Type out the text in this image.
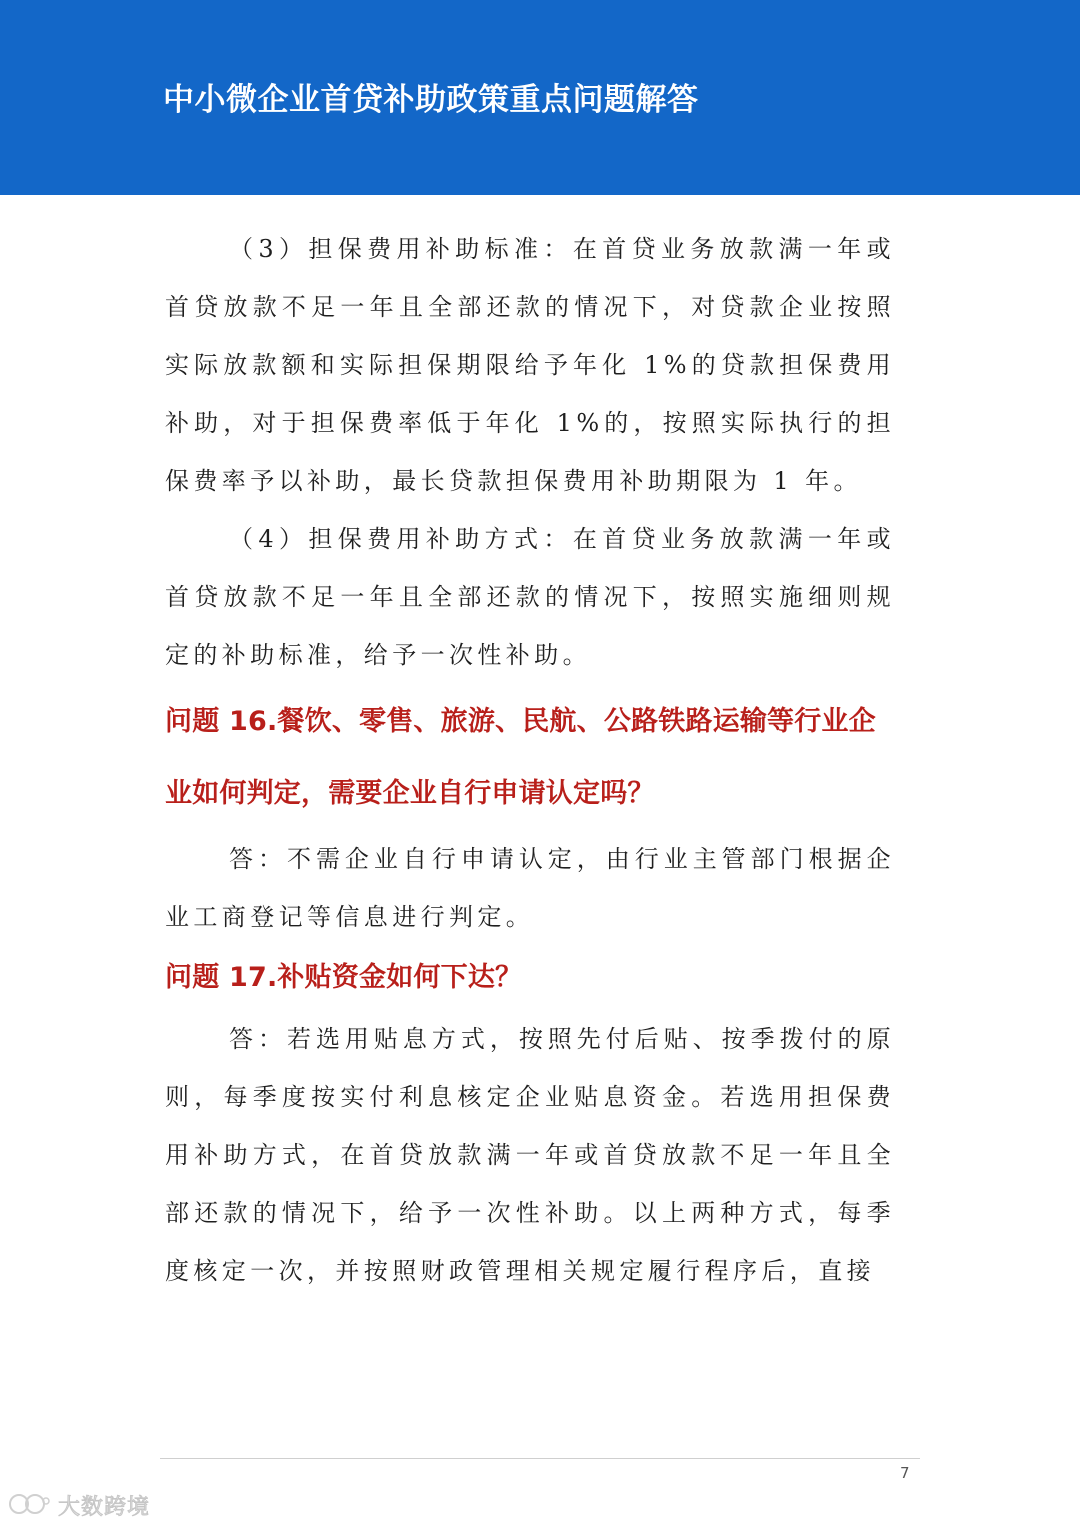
中小微企业首贷补助政策重点问题解答

（3）担保费用补助标准：在首贷业务放款满一年或首贷放款不足一年且全部还款的情况下，对贷款企业按照实际放款额和实际担保期限给予年化 1%的贷款担保费用补助，对于担保费率低于年化 1%的，按照实际执行的担保费率予以补助，最长贷款担保费用补助期限为 1 年。

（4）担保费用补助方式：在首贷业务放款满一年或首贷放款不足一年且全部还款的情况下，按照实施细则规定的补助标准，给予一次性补助。

问题 16.餐饮、零售、旅游、民航、公路铁路运输等行业企业如何判定，需要企业自行申请认定吗？

答：不需企业自行申请认定，由行业主管部门根据企业工商登记等信息进行判定。

问题 17.补贴资金如何下达？

答：若选用贴息方式，按照先付后贴、按季拨付的原则，每季度按实付利息核定企业贴息资金。若选用担保费用补助方式，在首贷放款满一年或首贷放款不足一年且全部还款的情况下，给予一次性补助。以上两种方式，每季度核定一次，并按照财政管理相关规定履行程序后，直接

7
大数跨境
